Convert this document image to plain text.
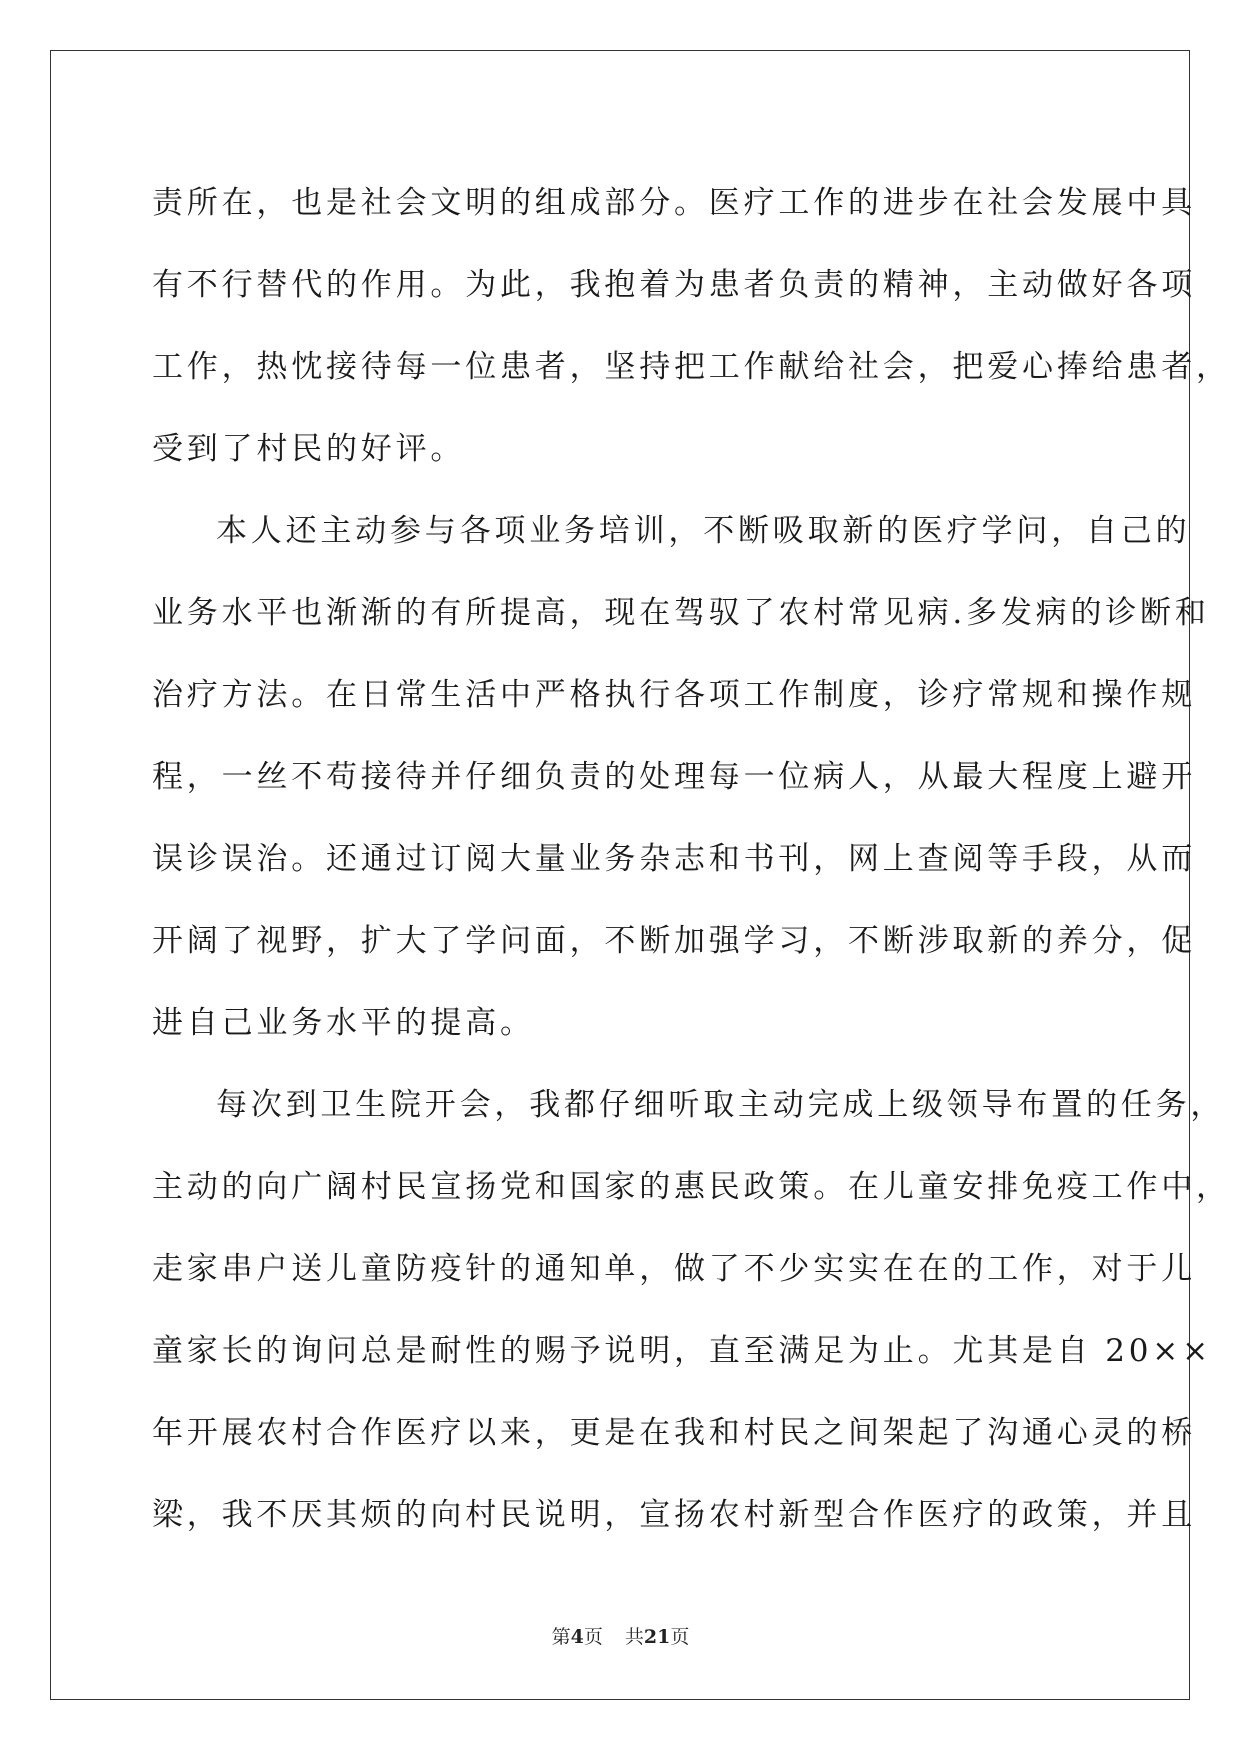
责所在，也是社会文明的组成部分。医疗工作的进步在社会发展中具
有不行替代的作用。为此，我抱着为患者负责的精神，主动做好各项
工作，热忱接待每一位患者，坚持把工作献给社会，把爱心捧给患者，
受到了村民的好评。
本人还主动参与各项业务培训，不断吸取新的医疗学问，自己的
业务水平也渐渐的有所提高，现在驾驭了农村常见病.多发病的诊断和
治疗方法。在日常生活中严格执行各项工作制度，诊疗常规和操作规
程，一丝不苟接待并仔细负责的处理每一位病人，从最大程度上避开
误诊误治。还通过订阅大量业务杂志和书刊，网上查阅等手段，从而
开阔了视野，扩大了学问面，不断加强学习，不断涉取新的养分，促
进自己业务水平的提高。
每次到卫生院开会，我都仔细听取主动完成上级领导布置的任务，
主动的向广阔村民宣扬党和国家的惠民政策。在儿童安排免疫工作中，
走家串户送儿童防疫针的通知单，做了不少实实在在的工作，对于儿
童家长的询问总是耐性的赐予说明，直至满足为止。尤其是自 20××
年开展农村合作医疗以来，更是在我和村民之间架起了沟通心灵的桥
梁，我不厌其烦的向村民说明，宣扬农村新型合作医疗的政策，并且
第4页 共21页
